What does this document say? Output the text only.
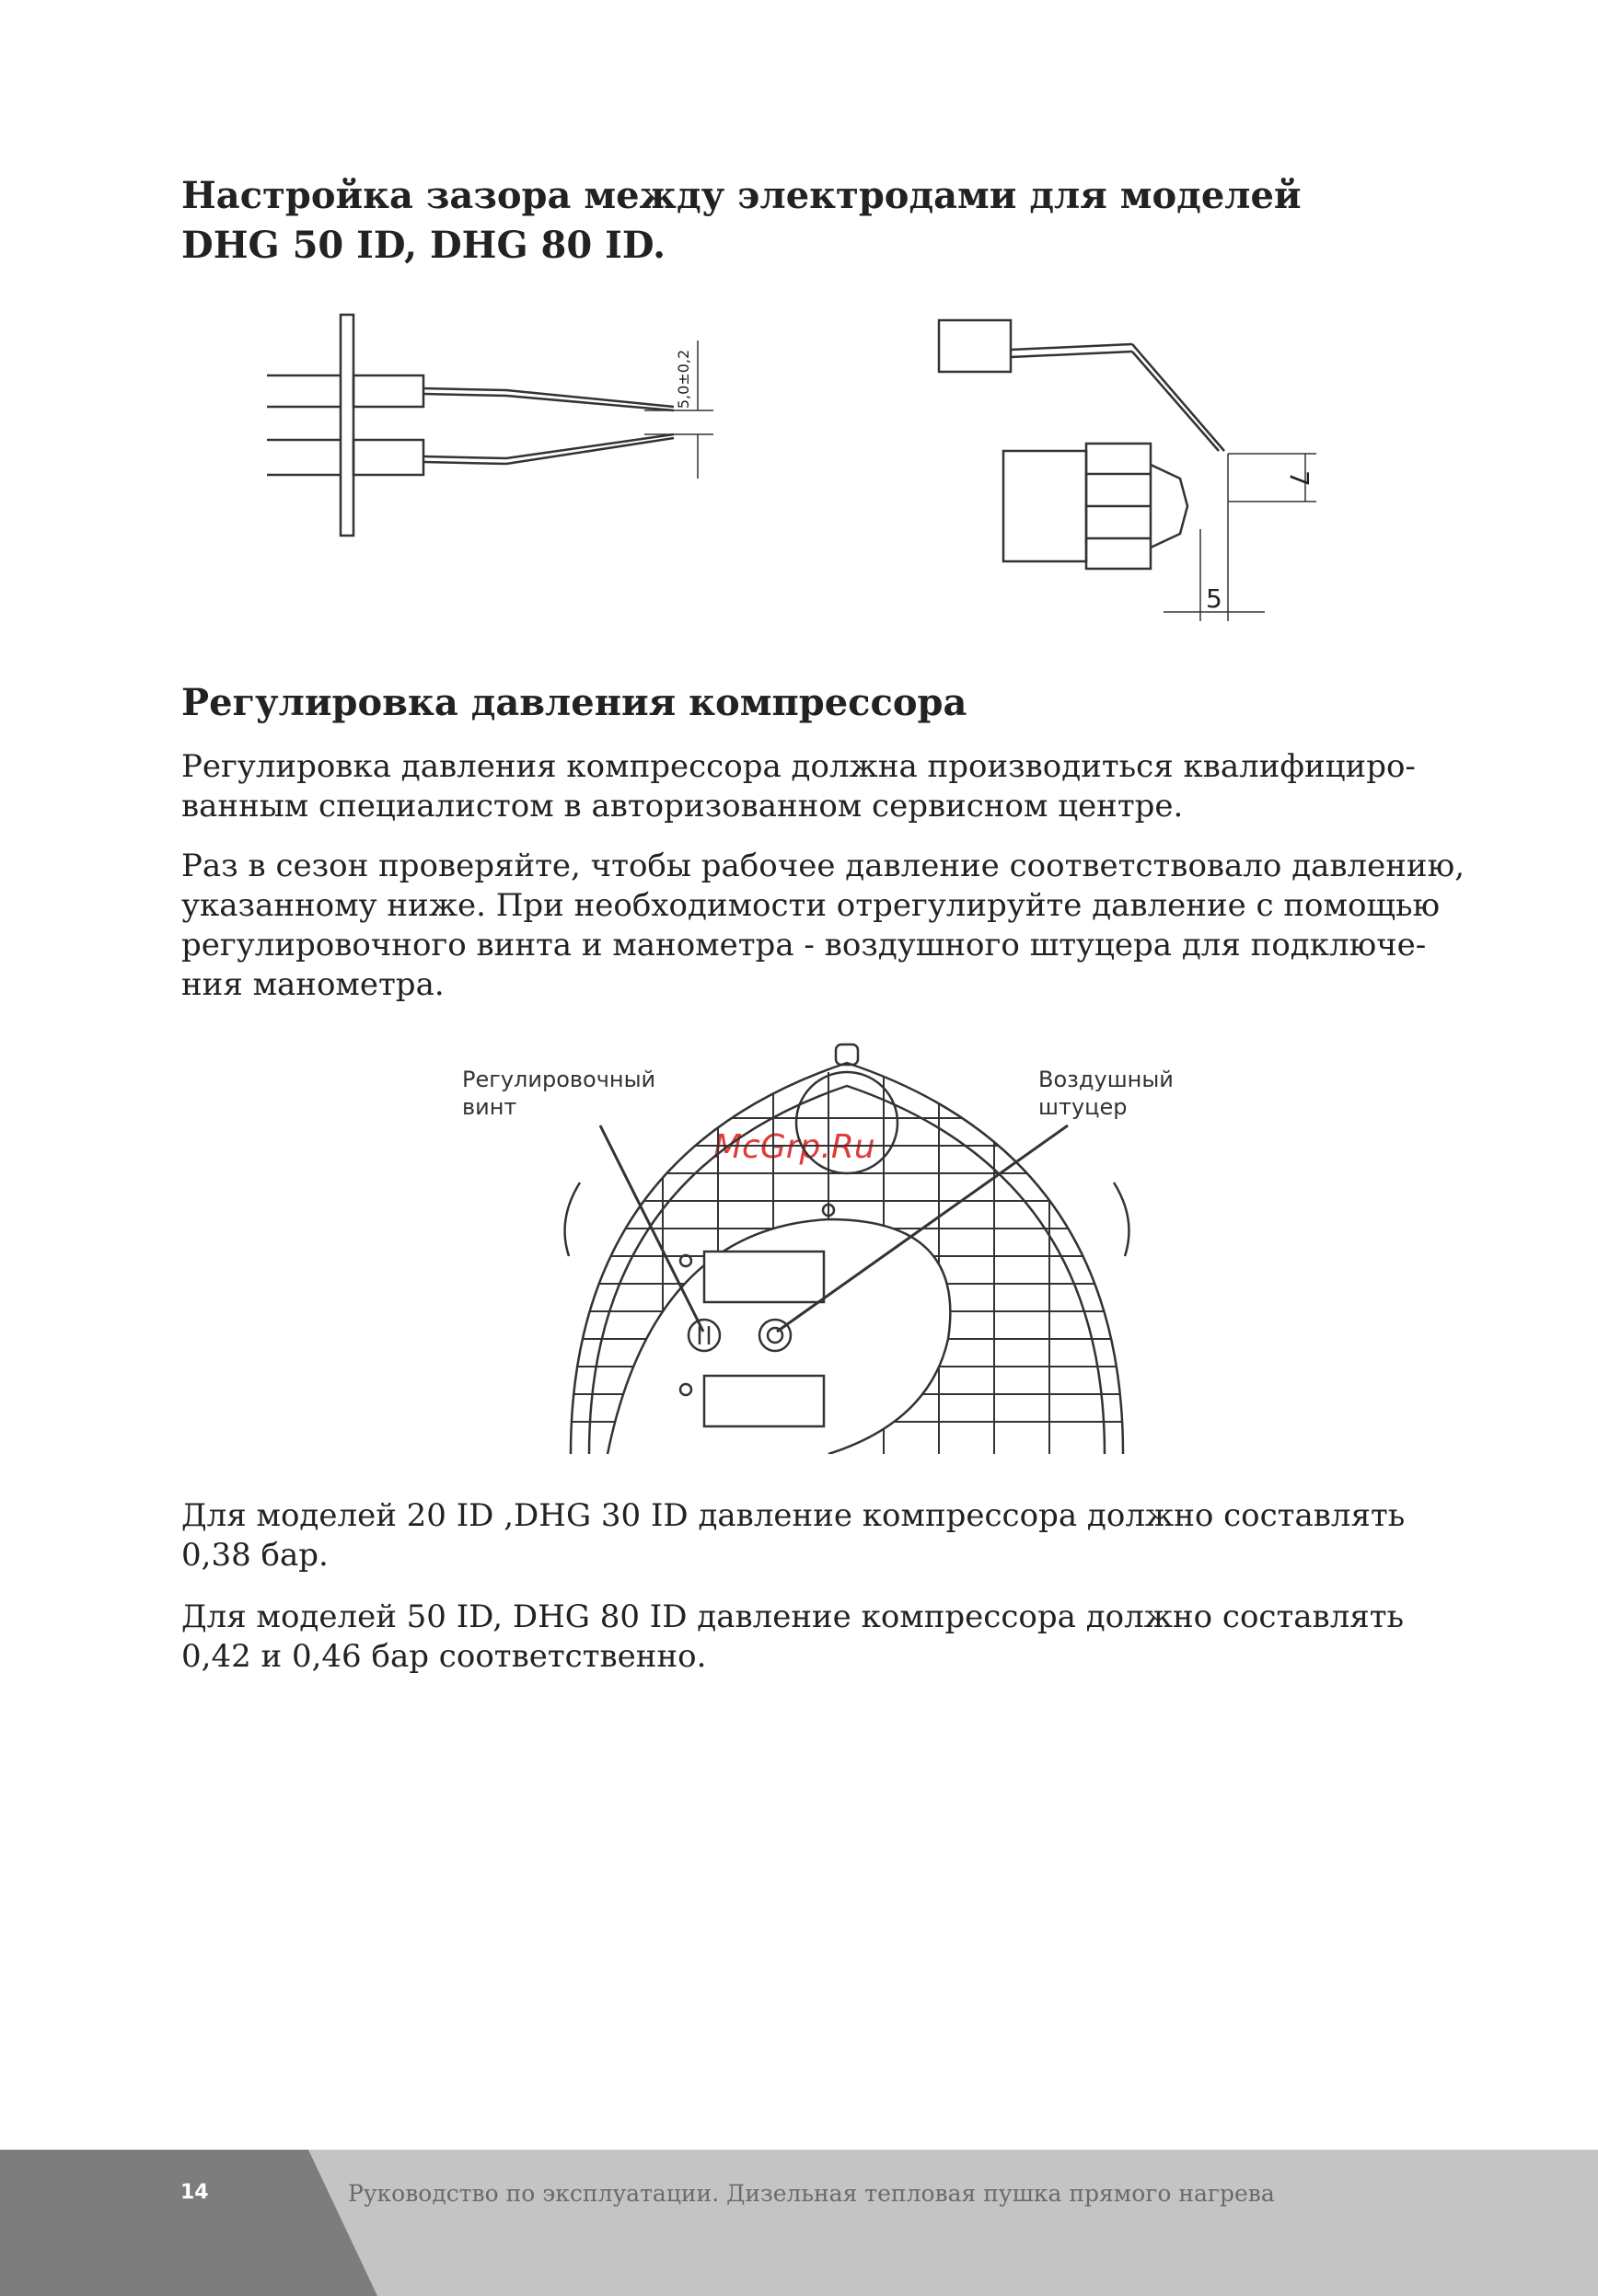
Настройка зазора между электродами для моделей
DHG 50 ID, DHG 80 ID.
5,0±0,2
7
5
Регулировка давления компрессора

Регулировка давления компрессора должна производиться квалифициро-
ванным специалистом в авторизованном сервисном центре.

Раз в сезон проверяйте, чтобы рабочее давление соответствовало давлению,
указанному ниже. При необходимости отрегулируйте давление с помощью
регулировочного винта и манометра - воздушного штуцера для подключе-
ния манометра.

Регулировочный
винт
Воздушный
штуцер
McGrp.Ru

Для моделей 20 ID ,DHG 30 ID давление компрессора должно составлять
0,38 бар.

Для моделей 50 ID, DHG 80 ID давление компрессора должно составлять
0,42 и 0,46 бар соответственно.

14	Руководство по эксплуатации. Дизельная тепловая пушка прямого нагрева
